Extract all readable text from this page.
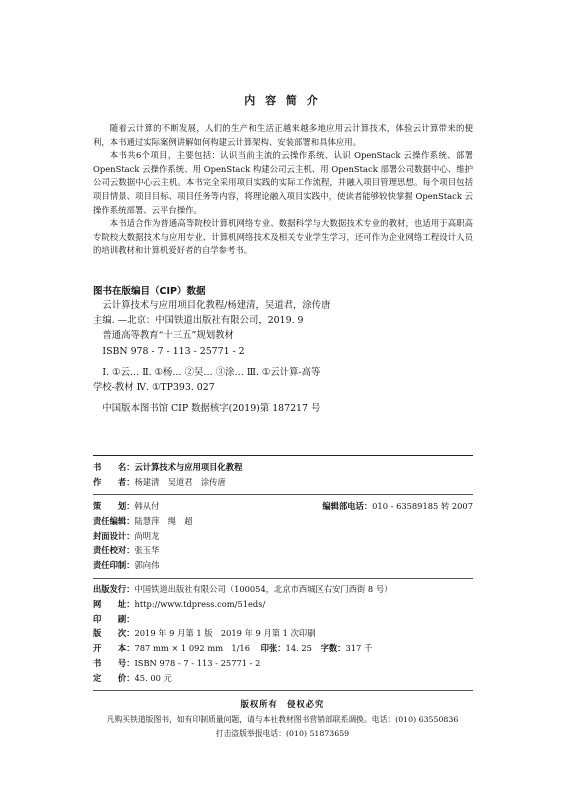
内 容 简 介

随着云计算的不断发展，人们的生产和生活正越来越多地应用云计算技术，体验云计算带来的便利，本书通过实际案例讲解如何构建云计算架构、安装部署和具体应用。

本书共6个项目，主要包括：认识当前主流的云操作系统、认识 OpenStack 云操作系统、部署 OpenStack 云操作系统、用 OpenStack 构建公司云主机、用 OpenStack 部署公司数据中心、维护公司云数据中心云主机。本书完全采用项目实践的实际工作流程，并融入项目管理思想。每个项目包括项目情景、项目目标、项目任务等内容，将理论融入项目实践中，使读者能够较快掌握 OpenStack 云操作系统部署、云平台操作。

本书适合作为普通高等院校计算机网络专业、数据科学与大数据技术专业的教材，也适用于高职高专院校大数据技术与应用专业、计算机网络技术及相关专业学生学习，还可作为企业网络工程设计人员的培训教材和计算机爱好者的自学参考书。

图书在版编目（CIP）数据
云计算技术与应用项目化教程/杨建清，吴道君，涂传唐
主编. —北京：中国铁道出版社有限公司，2019. 9
普通高等教育“十三五”规划教材
ISBN 978 - 7 - 113 - 25771 - 2
Ⅰ. ①云… Ⅱ. ①杨… ②吴… ③涂… Ⅲ. ①云计算-高等
学校-教材 Ⅳ. ①TP393. 027
中国版本图书馆 CIP 数据核字(2019)第 187217 号
书　　名：云计算技术与应用项目化教程
作　　者：杨建清　吴道君　涂传唐
策　　划：韩从付	编辑部电话：010 - 63589185 转 2007
责任编辑：陆慧萍　绳　超
封面设计：尚明龙
责任校对：张玉华
责任印制：郭向伟
出版发行：中国铁道出版社有限公司（100054，北京市西城区右安门西街 8 号）
网　　址：http://www.tdpress.com/51eds/
印　　刷：
版　　次：2019 年 9 月第 1 版　2019 年 9 月第 1 次印刷
开　　本：787 mm × 1 092 mm　1/16 印张：14. 25 字数：317 千
书　　号：ISBN 978 - 7 - 113 - 25771 - 2
定　　价：45. 00 元
版权所有　侵权必究
凡购买铁道版图书，如有印制质量问题，请与本社教材图书营销部联系调换。电话：(010) 63550836
打击盗版举报电话：(010) 51873659
